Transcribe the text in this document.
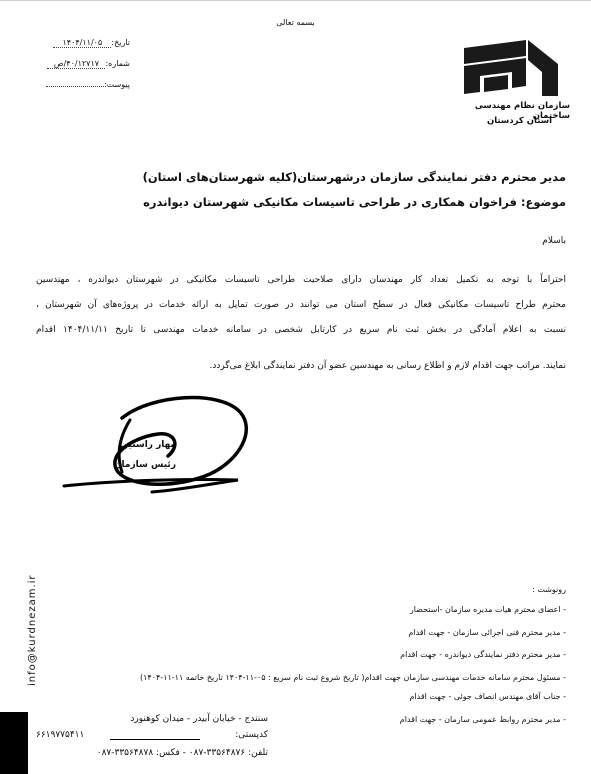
بسمه تعالی
تاریخ:۱۴۰۴/۱۱/۰۵
شماره:۴۰/۱۲۷۱۷/ص
پیوست:
سازمان نظام مهندسی ساختمان
استان کردستان
مدیر محترم دفتر نمایندگی سازمان درشهرستان(کلیه شهرستان‌های استان)
موضوع: فراخوان همکاری در طراحی تاسیسات مکانیکی شهرستان دیواندره
باسلام
احتراماً با توجه به تکمیل تعداد کار مهندسان دارای صلاحیت طراحی تاسیسات مکانیکی در شهرستان دیواندره ، مهندسین
محترم طراح تاسیسات مکانیکی فعال در سطح استان می توانند در صورت تمایل به ارائه خدمات در پروژه‌های آن شهرستان ،
نسبت به اعلام آمادگی در بخش ثبت نام سریع در کارتابل شخصی در سامانه خدمات مهندسی تا تاریخ ۱۴۰۴/۱۱/۱۱ اقدام
نمایند. مراتب جهت اقدام لازم و اطلاع رسانی به مهندسین عضو آن دفتر نمایندگی ابلاغ می‌گردد.
بهار راستین
رئیس سازمان
info@kurdnezam.ir	رونوشت :
- اعضای محترم هیات مدیره سازمان -استحضار
- مدیر محترم فنی اجرائی سازمان - جهت اقدام
- مدیر محترم دفتر نمایندگی دیواندره - جهت اقدام
- مسئول محترم سامانه خدمات مهندسی سازمان جهت اقدام( تاریخ شروع ثبت نام سریع : ۰۵-۱۱-۱۴۰۴ تاریخ خاتمه ۱۱-۱۱-۱۴۰۴)
- جناب آقای مهندس انصاف جوئی - جهت اقدام
- مدیر محترم روابط عمومی سازمان - جهت اقدام
سنندج - خیابان آبیدر - میدان کوهنورد
۶۶۱۹۷۷۵۴۱۱	کدپستی:
تلفن: ۳۳۵۶۴۸۷۶-۰۸۷ - فکس: ۳۳۵۶۴۸۷۸-۰۸۷
